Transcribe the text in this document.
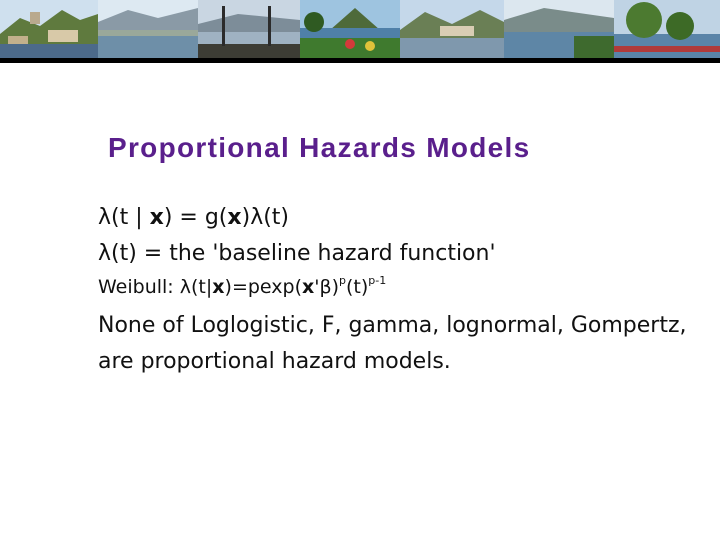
Proportional Hazards Models
λ(t | x) = g(x)λ(t)
λ(t) = the 'baseline hazard function'
Weibull: $\lambda(t|x)=pexp(x'\beta)^p(t)^{p-1}$
None of Loglogistic, F, gamma, lognormal, Gompertz,
are proportional hazard models.
